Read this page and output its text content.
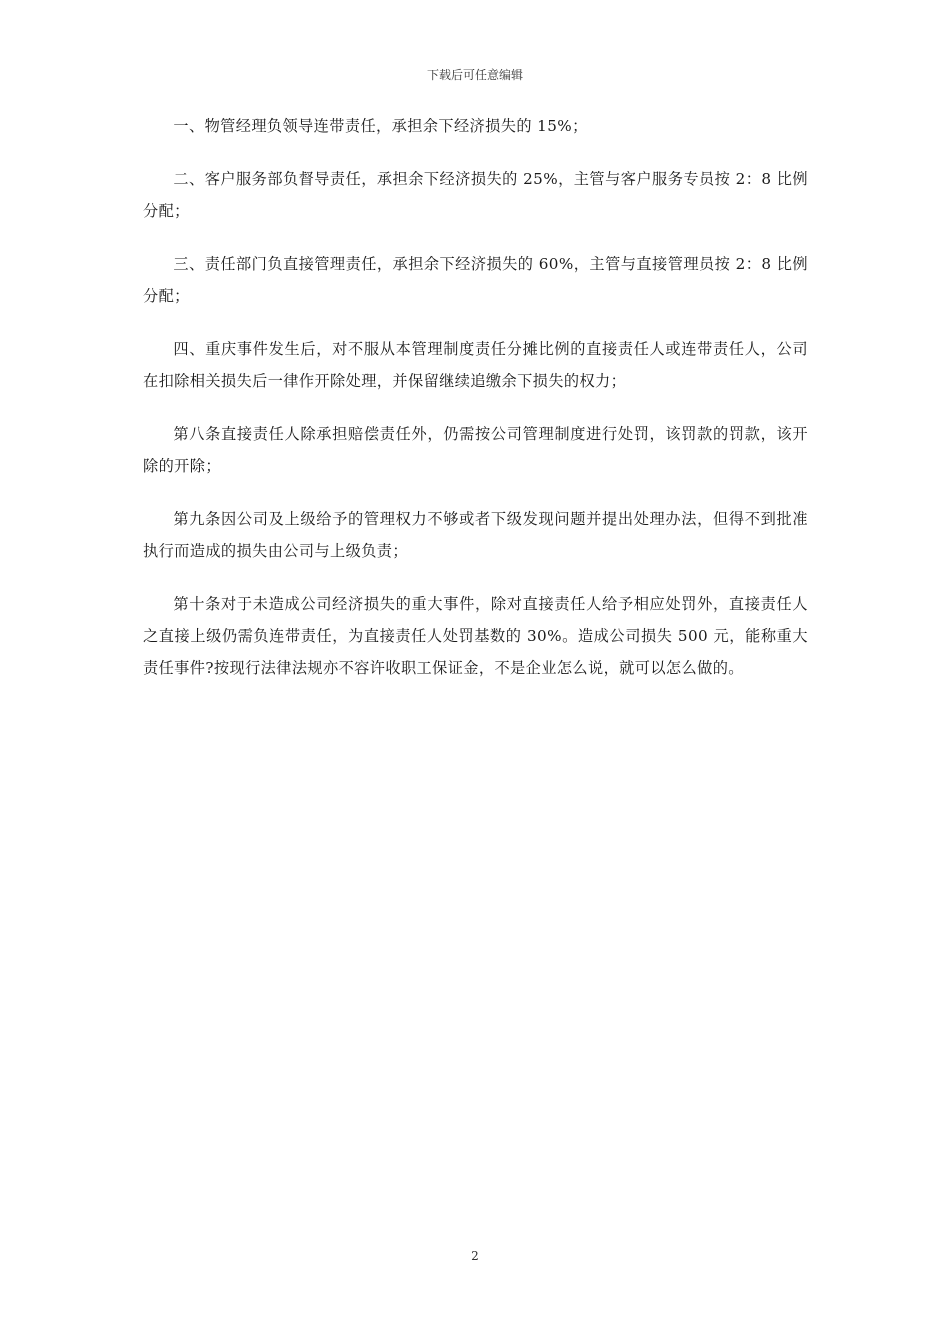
下载后可任意编辑

一、物管经理负领导连带责任，承担余下经济损失的 15%；

二、客户服务部负督导责任，承担余下经济损失的 25%，主管与客户服务专员按 2：8 比例分配；

三、责任部门负直接管理责任，承担余下经济损失的 60%，主管与直接管理员按 2：8 比例分配；

四、重庆事件发生后，对不服从本管理制度责任分摊比例的直接责任人或连带责任人，公司在扣除相关损失后一律作开除处理，并保留继续追缴余下损失的权力；

第八条直接责任人除承担赔偿责任外，仍需按公司管理制度进行处罚，该罚款的罚款，该开除的开除；

第九条因公司及上级给予的管理权力不够或者下级发现问题并提出处理办法，但得不到批准执行而造成的损失由公司与上级负责；

第十条对于未造成公司经济损失的重大事件，除对直接责任人给予相应处罚外，直接责任人之直接上级仍需负连带责任，为直接责任人处罚基数的 30%。造成公司损失 500 元，能称重大责任事件?按现行法律法规亦不容许收职工保证金，不是企业怎么说，就可以怎么做的。

2
